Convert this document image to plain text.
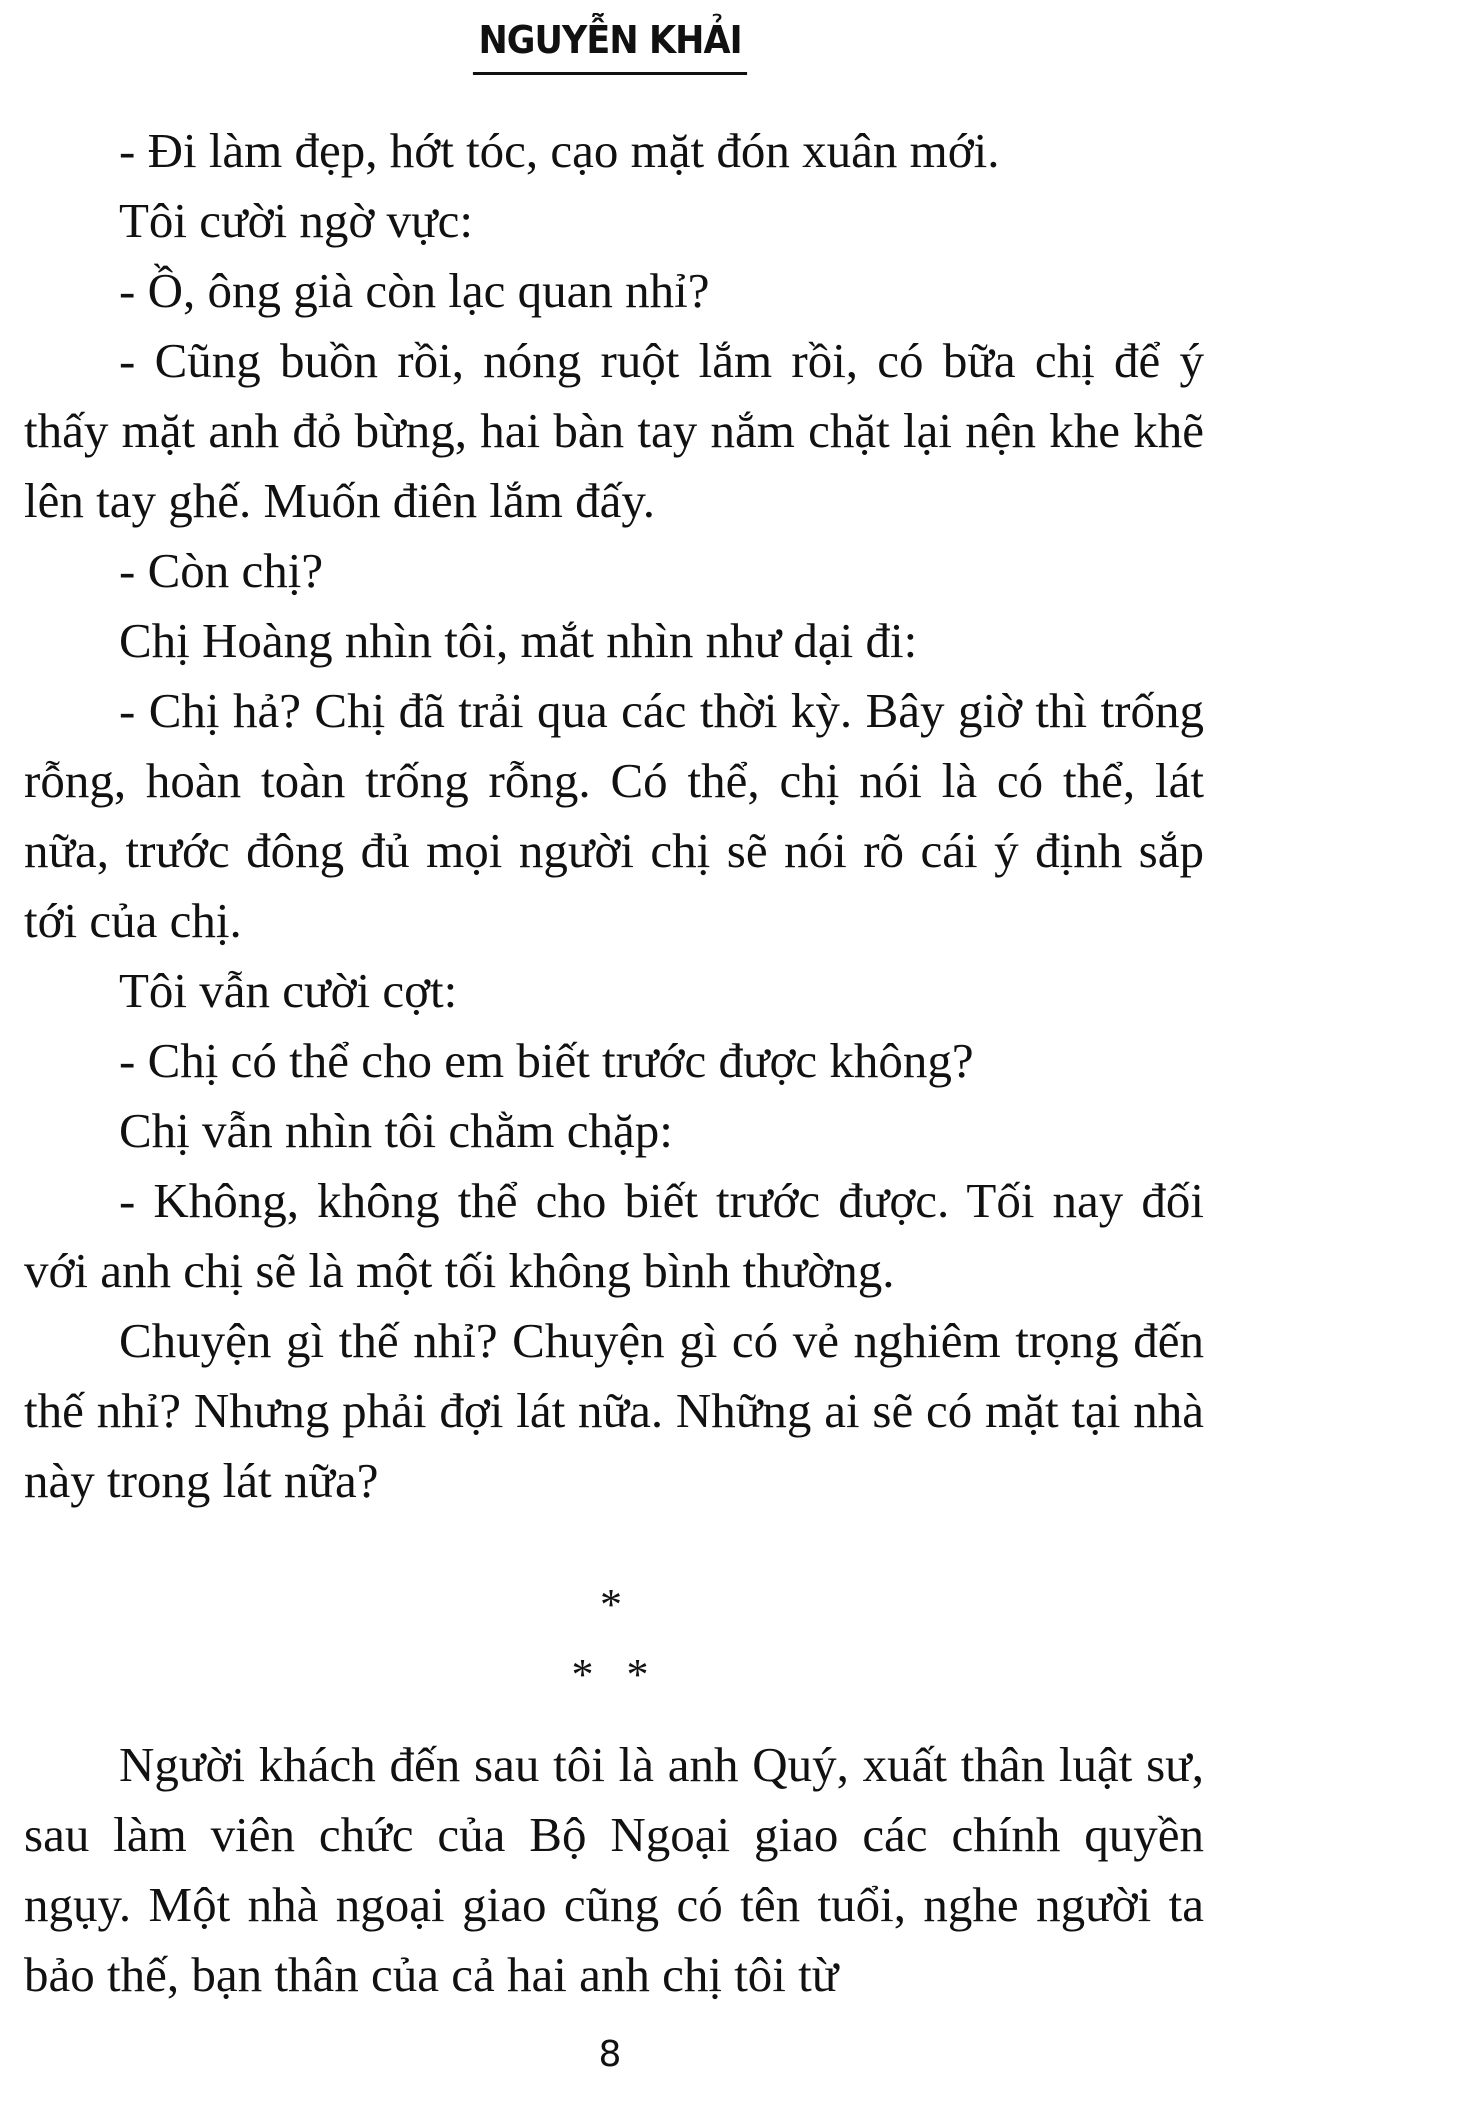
NGUYỄN KHẢI

- Đi làm đẹp, hớt tóc, cạo mặt đón xuân mới.

Tôi cười ngờ vực:

- Ồ, ông già còn lạc quan nhỉ?

- Cũng buồn rồi, nóng ruột lắm rồi, có bữa chị để ý thấy mặt anh đỏ bừng, hai bàn tay nắm chặt lại nện khe khẽ lên tay ghế. Muốn điên lắm đấy.

- Còn chị?

Chị Hoàng nhìn tôi, mắt nhìn như dại đi:

- Chị hả? Chị đã trải qua các thời kỳ. Bây giờ thì trống rỗng, hoàn toàn trống rỗng. Có thể, chị nói là có thể, lát nữa, trước đông đủ mọi người chị sẽ nói rõ cái ý định sắp tới của chị.

Tôi vẫn cười cợt:

- Chị có thể cho em biết trước được không?

Chị vẫn nhìn tôi chằm chặp:

- Không, không thể cho biết trước được. Tối nay đối với anh chị sẽ là một tối không bình thường.

Chuyện gì thế nhỉ? Chuyện gì có vẻ nghiêm trọng đến thế nhỉ? Nhưng phải đợi lát nữa. Những ai sẽ có mặt tại nhà này trong lát nữa?

*
* *

Người khách đến sau tôi là anh Quý, xuất thân luật sư, sau làm viên chức của Bộ Ngoại giao các chính quyền ngụy. Một nhà ngoại giao cũng có tên tuổi, nghe người ta bảo thế, bạn thân của cả hai anh chị tôi từ

8
